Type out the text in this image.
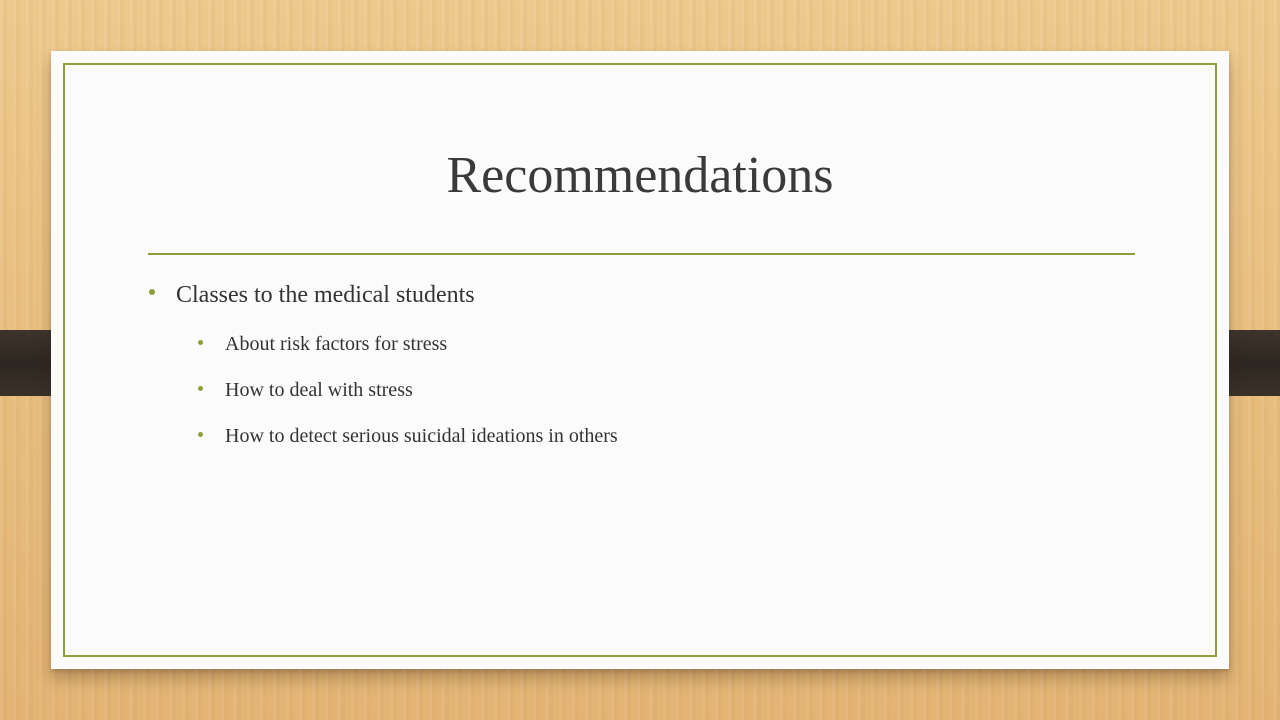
Recommendations
Classes to the medical students
About risk factors for stress
How to deal with stress
How to detect serious suicidal ideations in others
